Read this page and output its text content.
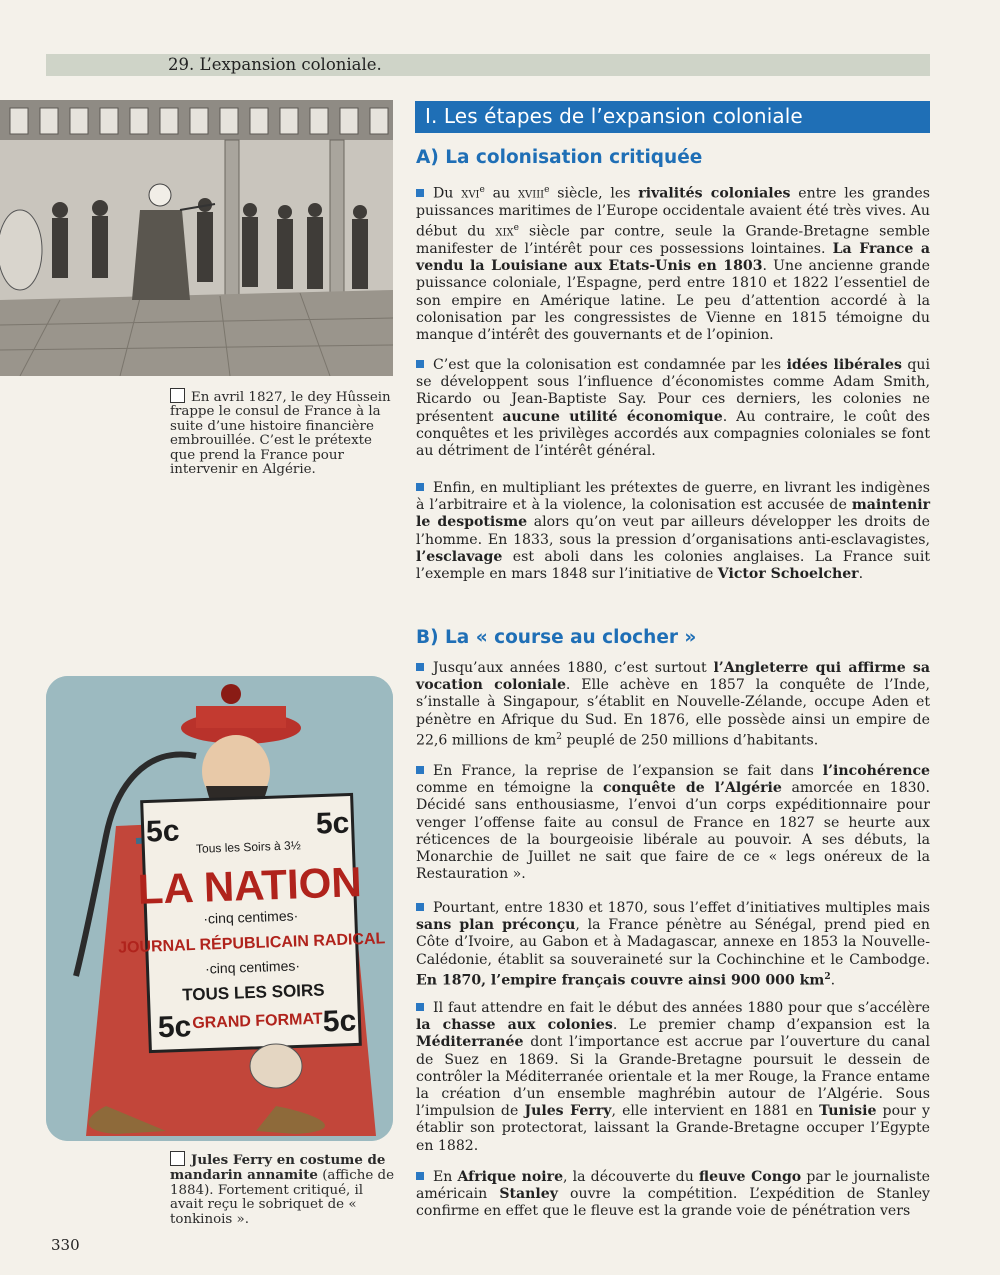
29. L’expansion coloniale.
En avril 1827, le dey Hûssein frappe le consul de France à la suite d’une histoire financière embrouillée. C’est le prétexte que prend la France pour intervenir en Algérie.
5c	5c
Tous les Soirs à 3½
LA NATION
·cinq centimes·
JOURNAL RÉPUBLICAIN RADICAL
·cinq centimes·
TOUS LES SOIRS
5c GRAND FORMAT 5c
Jules Ferry en costume de mandarin annamite (affiche de 1884). Fortement critiqué, il avait reçu le sobriquet de « tonkinois ».
I. Les étapes de l’expansion coloniale
A) La colonisation critiquée
Du xvi$^e$ au xviii$^e$ siècle, les rivalités coloniales entre les grandes puissances maritimes de l’Europe occidentale avaient été très vives. Au début du xix$^e$ siècle par contre, seule la Grande-Bretagne semble manifester de l’intérêt pour ces possessions lointaines. La France a vendu la Louisiane aux Etats-Unis en 1803. Une ancienne grande puissance coloniale, l’Espagne, perd entre 1810 et 1822 l’essentiel de son empire en Amérique latine. Le peu d’attention accordé à la colonisation par les congressistes de Vienne en 1815 témoigne du manque d’intérêt des gouvernants et de l’opinion.
C’est que la colonisation est condamnée par les idées libérales qui se développent sous l’influence d’économistes comme Adam Smith, Ricardo ou Jean-Baptiste Say. Pour ces derniers, les colonies ne présentent aucune utilité économique. Au contraire, le coût des conquêtes et les privilèges accordés aux compagnies coloniales se font au détriment de l’intérêt général.
Enfin, en multipliant les prétextes de guerre, en livrant les indigènes à l’arbitraire et à la violence, la colonisation est accusée de maintenir le despotisme alors qu’on veut par ailleurs développer les droits de l’homme. En 1833, sous la pression d’organisations anti-esclavagistes, l’esclavage est aboli dans les colonies anglaises. La France suit l’exemple en mars 1848 sur l’initiative de Victor Schoelcher.
B) La « course au clocher »
Jusqu’aux années 1880, c’est surtout l’Angleterre qui affirme sa vocation coloniale. Elle achève en 1857 la conquête de l’Inde, s’installe à Singapour, s’établit en Nouvelle-Zélande, occupe Aden et pénètre en Afrique du Sud. En 1876, elle possède ainsi un empire de 22,6 millions de $km^2$ peuplé de 250 millions d’habitants.
En France, la reprise de l’expansion se fait dans l’incohérence comme en témoigne la conquête de l’Algérie amorcée en 1830. Décidé sans enthousiasme, l’envoi d’un corps expéditionnaire pour venger l’offense faite au consul de France en 1827 se heurte aux réticences de la bourgeoisie libérale au pouvoir. A ses débuts, la Monarchie de Juillet ne sait que faire de ce « legs onéreux de la Restauration ».
Pourtant, entre 1830 et 1870, sous l’effet d’initiatives multiples mais sans plan préconçu, la France pénètre au Sénégal, prend pied en Côte d’Ivoire, au Gabon et à Madagascar, annexe en 1853 la Nouvelle-Calédonie, établit sa souveraineté sur la Cochinchine et le Cambodge. En 1870, l’empire français couvre ainsi 900 000 $km^2$.
Il faut attendre en fait le début des années 1880 pour que s’accélère la chasse aux colonies. Le premier champ d’expansion est la Méditerranée dont l’importance est accrue par l’ouverture du canal de Suez en 1869. Si la Grande-Bretagne poursuit le dessein de contrôler la Méditerranée orientale et la mer Rouge, la France entame la création d’un ensemble maghrébin autour de l’Algérie. Sous l’impulsion de Jules Ferry, elle intervient en 1881 en Tunisie pour y établir son protectorat, laissant la Grande-Bretagne occuper l’Egypte en 1882.
En Afrique noire, la découverte du fleuve Congo par le journaliste américain Stanley ouvre la compétition. L’expédition de Stanley confirme en effet que le fleuve est la grande voie de pénétration vers
330
